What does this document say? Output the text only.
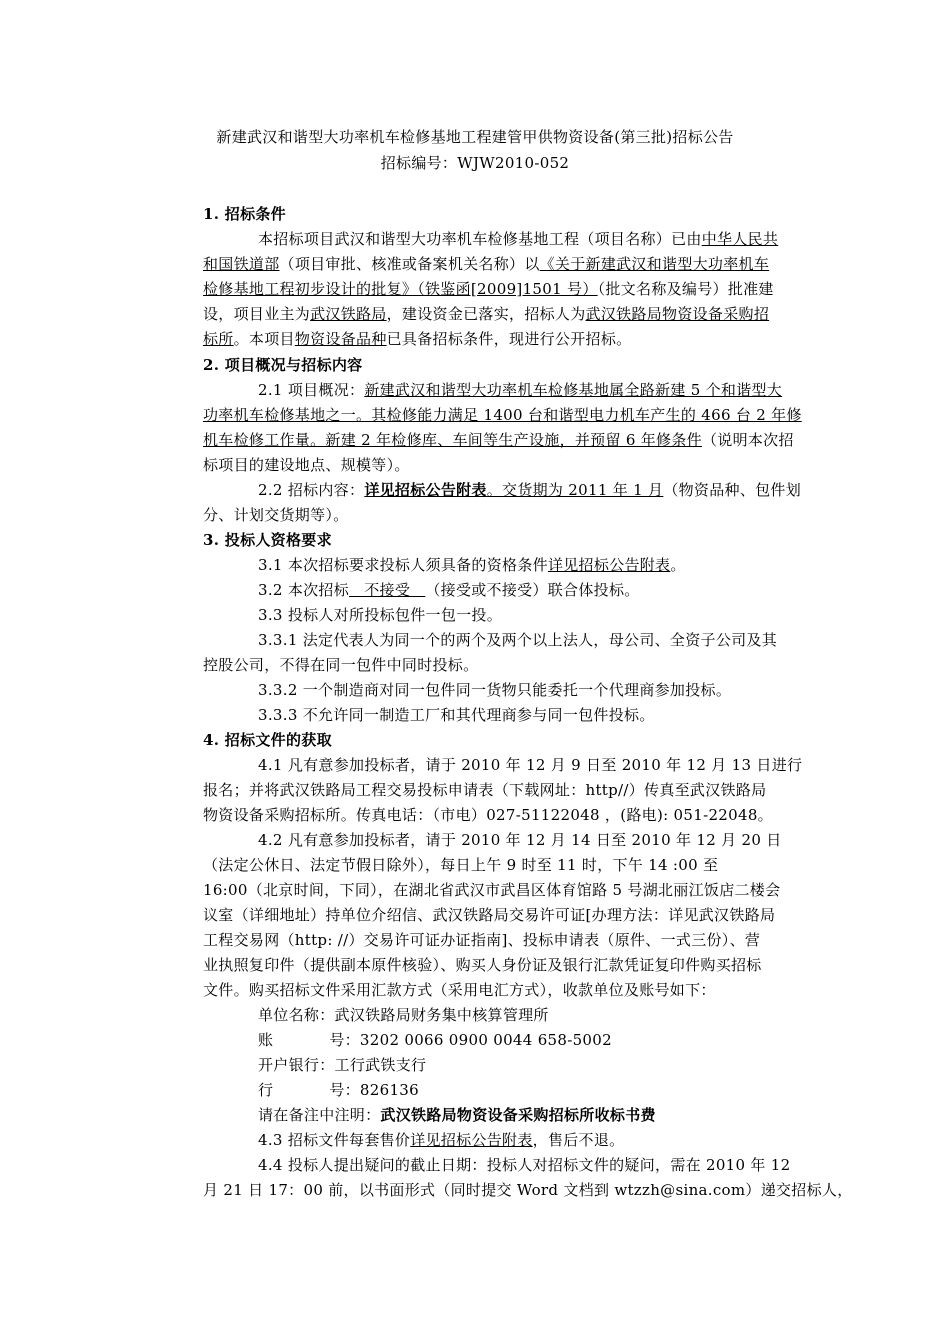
新建武汉和谐型大功率机车检修基地工程建管甲供物资设备(第三批)招标公告
招标编号：WJW2010-052
1. 招标条件
本招标项目武汉和谐型大功率机车检修基地工程（项目名称）已由中华人民共
和国铁道部（项目审批、核准或备案机关名称）以《关于新建武汉和谐型大功率机车
检修基地工程初步设计的批复》（铁鉴函[2009]1501 号）（批文名称及编号）批准建
设，项目业主为武汉铁路局，建设资金已落实，招标人为武汉铁路局物资设备采购招
标所。本项目物资设备品种已具备招标条件，现进行公开招标。
2. 项目概况与招标内容
2.1 项目概况：新建武汉和谐型大功率机车检修基地属全路新建 5 个和谐型大
功率机车检修基地之一。其检修能力满足 1400 台和谐型电力机车产生的 466 台 2 年修
机车检修工作量。新建 2 年检修库、车间等生产设施，并预留 6 年修条件（说明本次招
标项目的建设地点、规模等）。
2.2 招标内容：详见招标公告附表。交货期为 2011 年 1 月（物资品种、包件划
分、计划交货期等）。
3. 投标人资格要求
3.1 本次招标要求投标人须具备的资格条件详见招标公告附表。
3.2 本次招标   不接受   （接受或不接受）联合体投标。
3.3 投标人对所投标包件一包一投。
3.3.1 法定代表人为同一个的两个及两个以上法人，母公司、全资子公司及其
控股公司，不得在同一包件中同时投标。
3.3.2 一个制造商对同一包件同一货物只能委托一个代理商参加投标。
3.3.3 不允许同一制造工厂和其代理商参与同一包件投标。
4. 招标文件的获取
4.1 凡有意参加投标者，请于 2010 年 12 月 9 日至 2010 年 12 月 13 日进行
报名；并将武汉铁路局工程交易投标申请表（下载网址：http//）传真至武汉铁路局
物资设备采购招标所。传真电话：（市电）027-51122048 ，(路电): 051-22048。
4.2 凡有意参加投标者，请于 2010 年 12 月 14 日至 2010 年 12 月 20 日
（法定公休日、法定节假日除外），每日上午 9 时至 11 时，下午 14 :00 至
16:00（北京时间，下同），在湖北省武汉市武昌区体育馆路 5 号湖北丽江饭店二楼会
议室（详细地址）持单位介绍信、武汉铁路局交易许可证[办理方法：详见武汉铁路局
工程交易网（http: //）交易许可证办证指南]、投标申请表（原件、一式三份）、营
业执照复印件（提供副本原件核验）、购买人身份证及银行汇款凭证复印件购买招标
文件。购买招标文件采用汇款方式（采用电汇方式），收款单位及账号如下：
单位名称：武汉铁路局财务集中核算管理所
账	号：3202 0066 0900 0044 658-5002
开户银行：工行武铁支行
行	号：826136
请在备注中注明：武汉铁路局物资设备采购招标所收标书费
4.3 招标文件每套售价详见招标公告附表，售后不退。
4.4 投标人提出疑问的截止日期：投标人对招标文件的疑问，需在 2010 年 12
月 21 日 17：00 前，以书面形式（同时提交 Word 文档到 wtzzh@sina.com）递交招标人，
